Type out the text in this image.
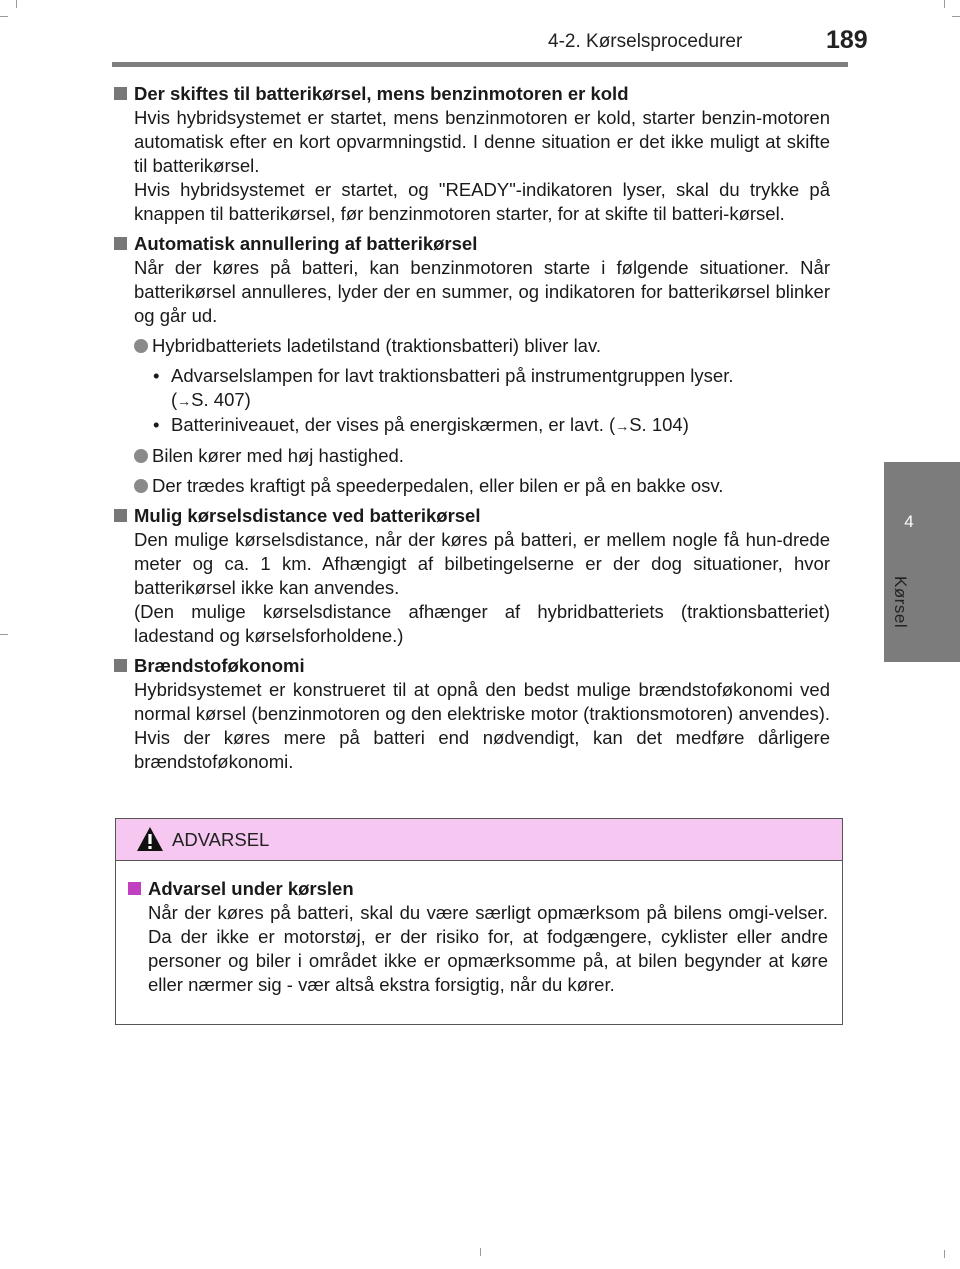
4-2. Kørselsprocedurer	189
4
Kørsel
Der skiftes til batterikørsel, mens benzinmotoren er kold

Hvis hybridsystemet er startet, mens benzinmotoren er kold, starter benzin-motoren automatisk efter en kort opvarmningstid. I denne situation er det ikke muligt at skifte til batterikørsel.

Hvis hybridsystemet er startet, og "READY"-indikatoren lyser, skal du trykke på knappen til batterikørsel, før benzinmotoren starter, for at skifte til batteri-kørsel.

Automatisk annullering af batterikørsel

Når der køres på batteri, kan benzinmotoren starte i følgende situationer. Når batterikørsel annulleres, lyder der en summer, og indikatoren for batterikørsel blinker og går ud.

Hybridbatteriets ladetilstand (traktionsbatteri) bliver lav.
• Advarselslampen for lavt traktionsbatteri på instrumentgruppen lyser.
(→S. 407)
• Batteriniveauet, der vises på energiskærmen, er lavt. (→S. 104)
Bilen kører med høj hastighed.
Der trædes kraftigt på speederpedalen, eller bilen er på en bakke osv.
Mulig kørselsdistance ved batterikørsel

Den mulige kørselsdistance, når der køres på batteri, er mellem nogle få hun-drede meter og ca. 1 km. Afhængigt af bilbetingelserne er der dog situationer, hvor batterikørsel ikke kan anvendes.

(Den mulige kørselsdistance afhænger af hybridbatteriets (traktionsbatteriet) ladestand og kørselsforholdene.)

Brændstoføkonomi

Hybridsystemet er konstrueret til at opnå den bedst mulige brændstoføkonomi ved normal kørsel (benzinmotoren og den elektriske motor (traktionsmotoren) anvendes). Hvis der køres mere på batteri end nødvendigt, kan det medføre dårligere brændstoføkonomi.

ADVARSEL
Advarsel under kørslen

Når der køres på batteri, skal du være særligt opmærksom på bilens omgi-velser. Da der ikke er motorstøj, er der risiko for, at fodgængere, cyklister eller andre personer og biler i området ikke er opmærksomme på, at bilen begynder at køre eller nærmer sig - vær altså ekstra forsigtig, når du kører.
